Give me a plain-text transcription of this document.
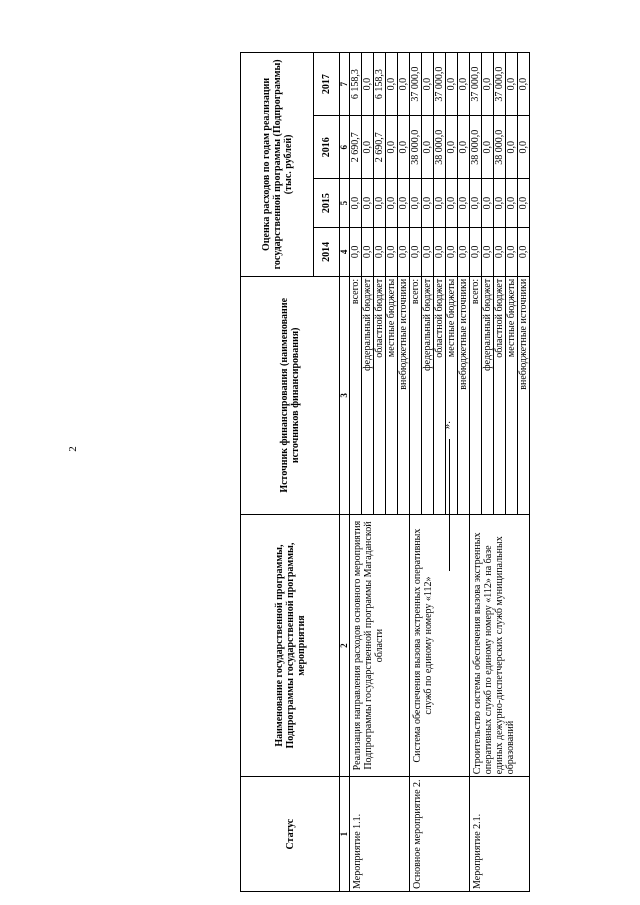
2
».
Статус	Наименование государственной программы, Подпрограммы государственной программы, мероприятия	Источник финансирования (наименование источников финансирования)	Оценка расходов по годам реализации государственной программы (Подпрограммы) (тыс. рублей)			
			2014	2015	2016	2017
1	2	3	4	5	6	7
Мероприятие 1.1.	Реализация направления расходов основного мероприятия Подпрограммы государственной программы Магаданской области	всего:	0,0	0,0	2 690,7	6 158,3
		федеральный бюджет	0,0	0,0	0,0	0,0
		областной бюджет	0,0	0,0	2 690,7	6 158,3
		местные бюджеты	0,0	0,0	0,0	0,0
		внебюджетные источники	0,0	0,0	0,0	0,0
Основное мероприятие 2.	Система обеспечения вызова экстренных оперативных служб по единому номеру «112»	всего:	0,0	0,0	38 000,0	37 000,0
		федеральный бюджет	0,0	0,0	0,0	0,0
		областной бюджет	0,0	0,0	38 000,0	37 000,0
		местные бюджеты	0,0	0,0	0,0	0,0
		внебюджетные источники	0,0	0,0	0,0	0,0
Мероприятие 2.1.	Строительство системы обеспечения вызова экстренных оперативных служб по единому номеру «112» на базе единых дежурно-диспетчерских служб муниципальных образований	всего:	0,0	0,0	38 000,0	37 000,0
		федеральный бюджет	0,0	0,0	0,0	0,0
		областной бюджет	0,0	0,0	38 000,0	37 000,0
		местные бюджеты	0,0	0,0	0,0	0,0
		внебюджетные источники	0,0	0,0	0,0	0,0
